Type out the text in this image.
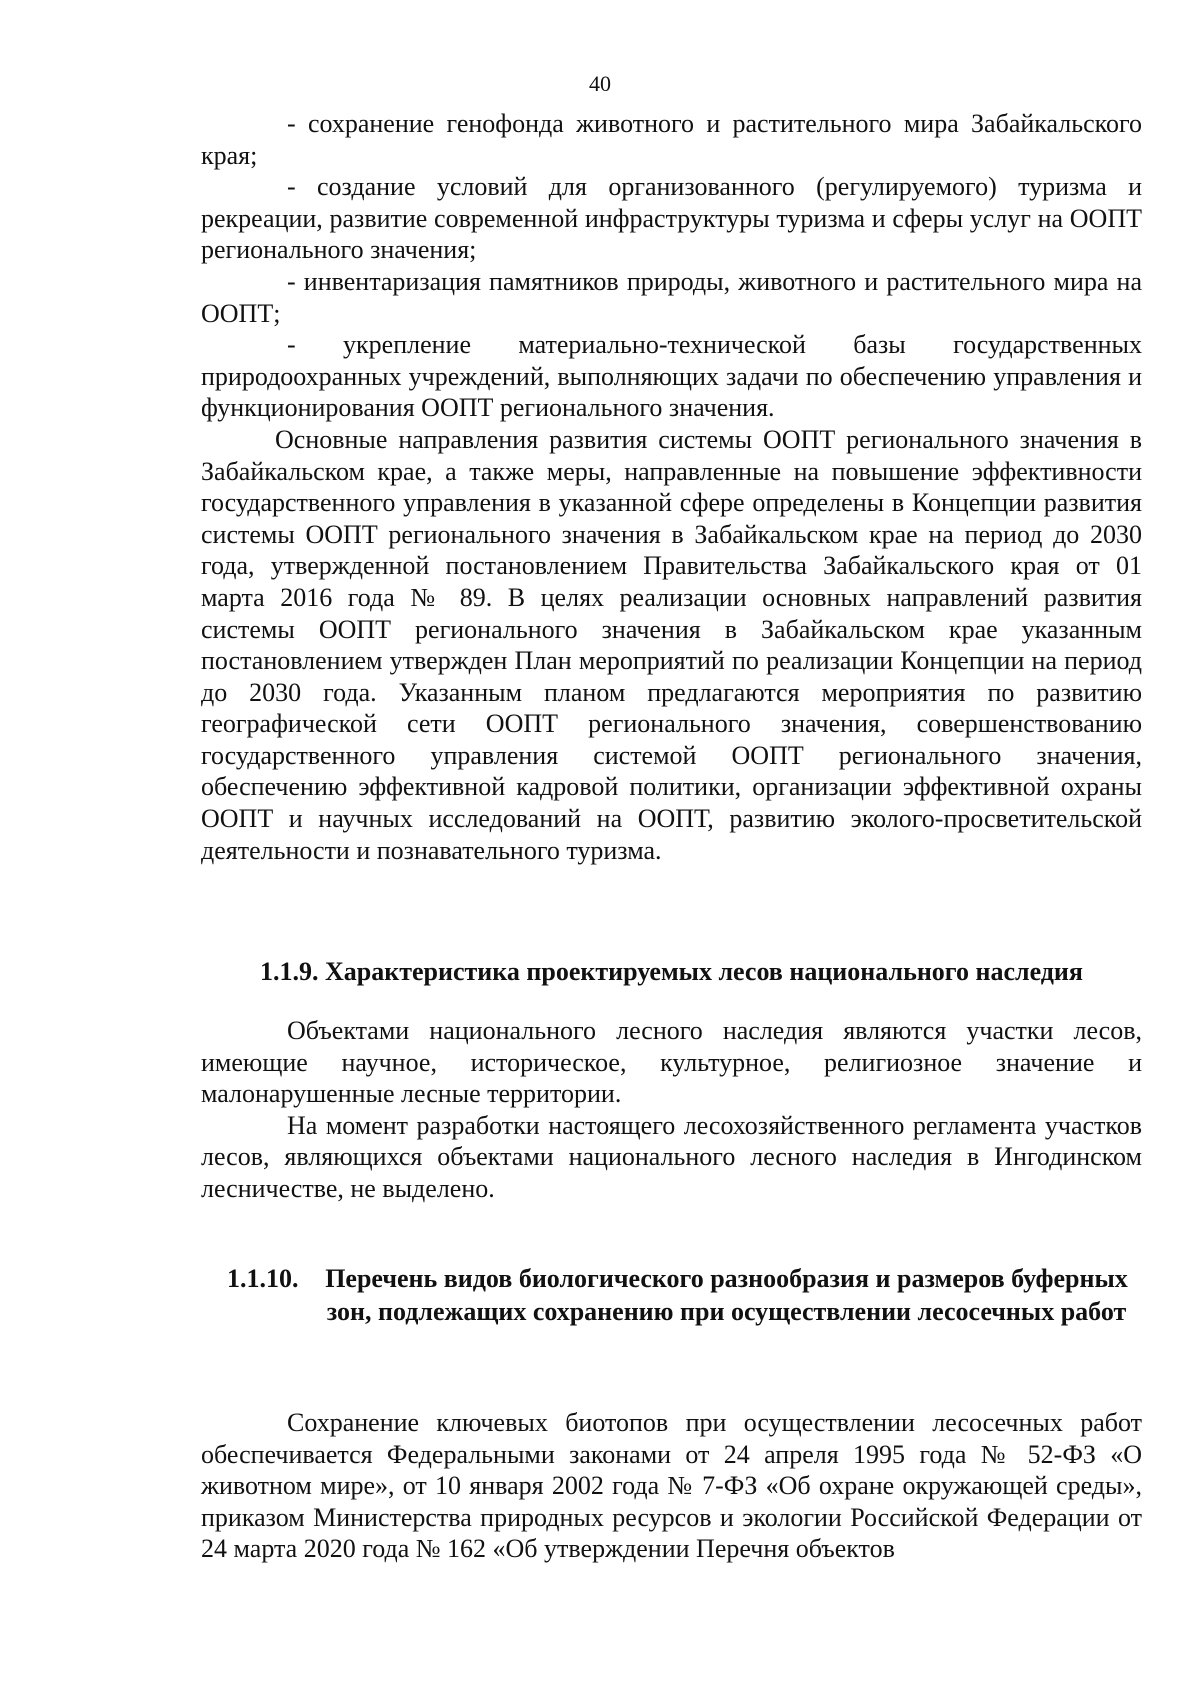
40

- сохранение генофонда животного и растительного мира Забайкальского края;

- создание условий для организованного (регулируемого) туризма и рекреации, развитие современной инфраструктуры туризма и сферы услуг на ООПТ регионального значения;

- инвентаризация памятников природы, животного и растительного мира на ООПТ;

- укрепление материально-технической базы государственных природоохранных учреждений, выполняющих задачи по обеспечению управления и функционирования ООПТ регионального значения.

Основные направления развития системы ООПТ регионального значения в Забайкальском крае, а также меры, направленные на повышение эффективности государственного управления в указанной сфере определены в Концепции развития системы ООПТ регионального значения в Забайкальском крае на период до 2030 года, утвержденной постановлением Правительства Забайкальского края от 01 марта 2016 года № 89. В целях реализации основных направлений развития системы ООПТ регионального значения в Забайкальском крае указанным постановлением утвержден План мероприятий по реализации Концепции на период до 2030 года. Указанным планом предлагаются мероприятия по развитию географической сети ООПТ регионального значения, совершенствованию государственного управления системой ООПТ регионального значения, обеспечению эффективной кадровой политики, организации эффективной охраны ООПТ и научных исследований на ООПТ, развитию эколого-просветительской деятельности и познавательного туризма.

1.1.9. Характеристика проектируемых лесов национального наследия

Объектами национального лесного наследия являются участки лесов, имеющие научное, историческое, культурное, религиозное значение и малонарушенные лесные территории.

На момент разработки настоящего лесохозяйственного регламента участков лесов, являющихся объектами национального лесного наследия в Ингодинском лесничестве, не выделено.

1.1.10.	Перечень видов биологического разнообразия и размеров буферных зон, подлежащих сохранению при осуществлении лесосечных работ

Сохранение ключевых биотопов при осуществлении лесосечных работ обеспечивается Федеральными законами от 24 апреля 1995 года № 52-ФЗ «О животном мире», от 10 января 2002 года № 7-ФЗ «Об охране окружающей среды», приказом Министерства природных ресурсов и экологии Российской Федерации от 24 марта 2020 года № 162 «Об утверждении Перечня объектов
